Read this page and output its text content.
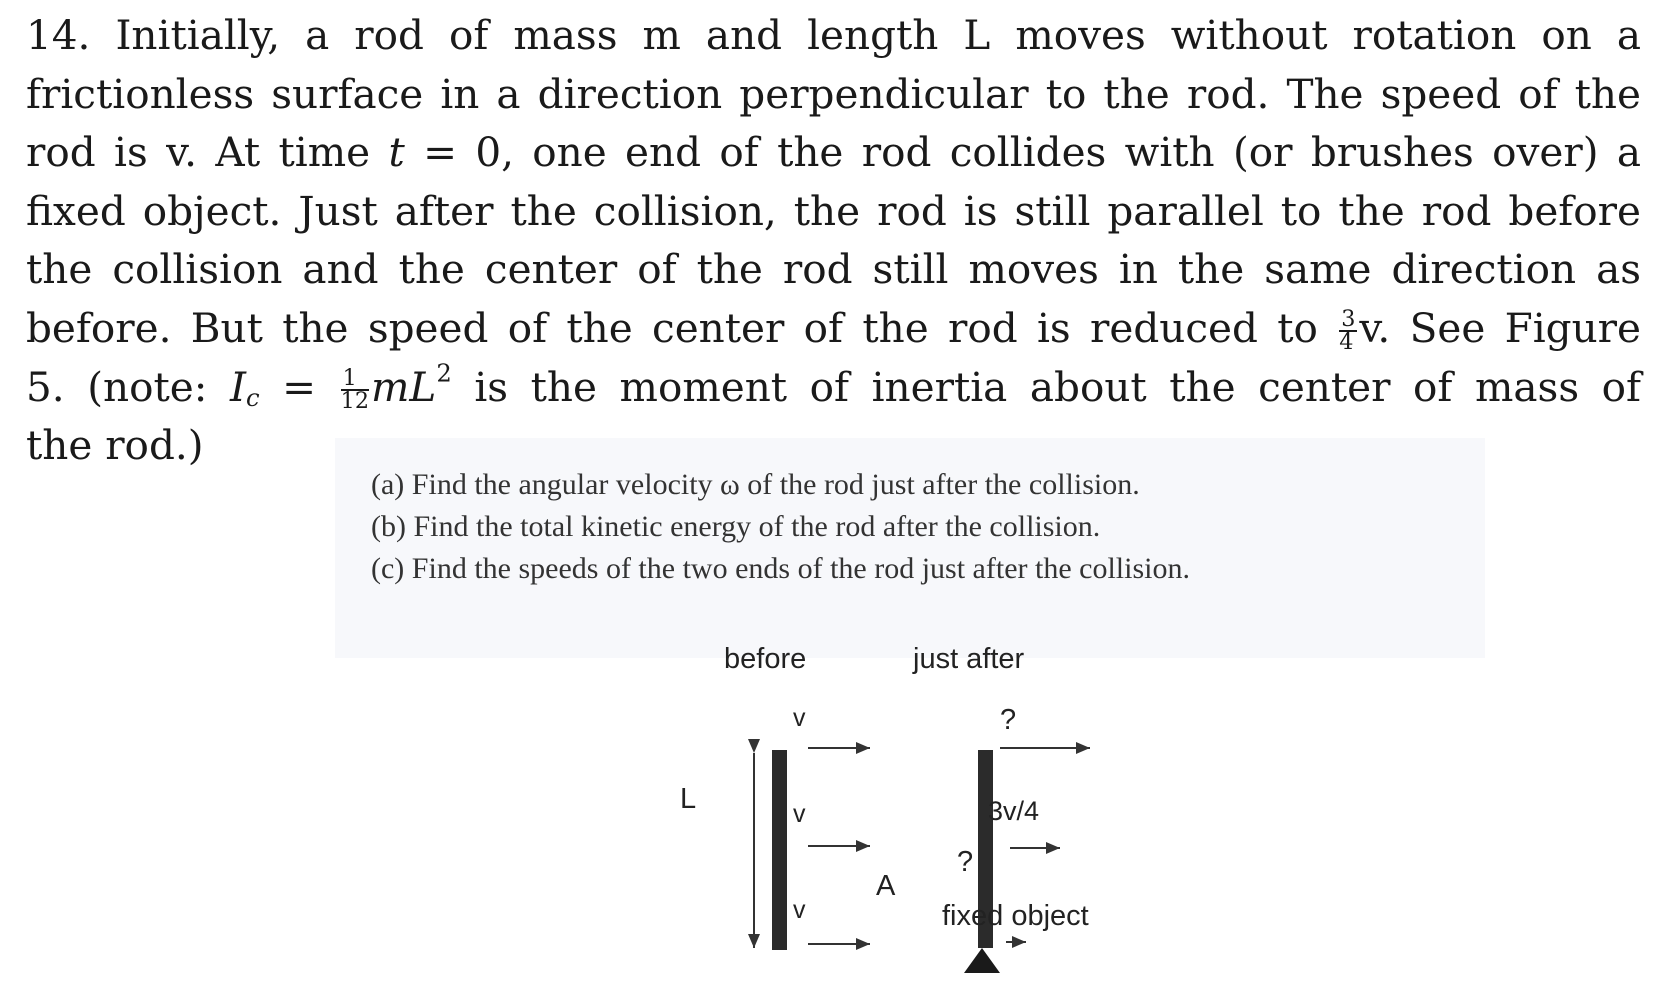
14. Initially, a rod of mass m and length L moves without rotation on a
frictionless surface in a direction perpendicular to the rod. The speed of the
rod is v. At time t = 0, one end of the rod collides with (or brushes over) a
fixed object. Just after the collision, the rod is still parallel to the rod before
the collision and the center of the rod still moves in the same direction as
before. But the speed of the center of the rod is reduced to $\frac{3}{4} v$. See Figure
5. (note: $I_c = \frac{1}{12} mL^2$ is the moment of inertia about the center of mass of
the rod.)
(a) Find the angular velocity ω of the rod just after the collision.
(b) Find the total kinetic energy of the rod after the collision.
(c) Find the speeds of the two ends of the rod just after the collision.
before	just after
L
v
v
v
?
3v/4
?
A
fixed object
